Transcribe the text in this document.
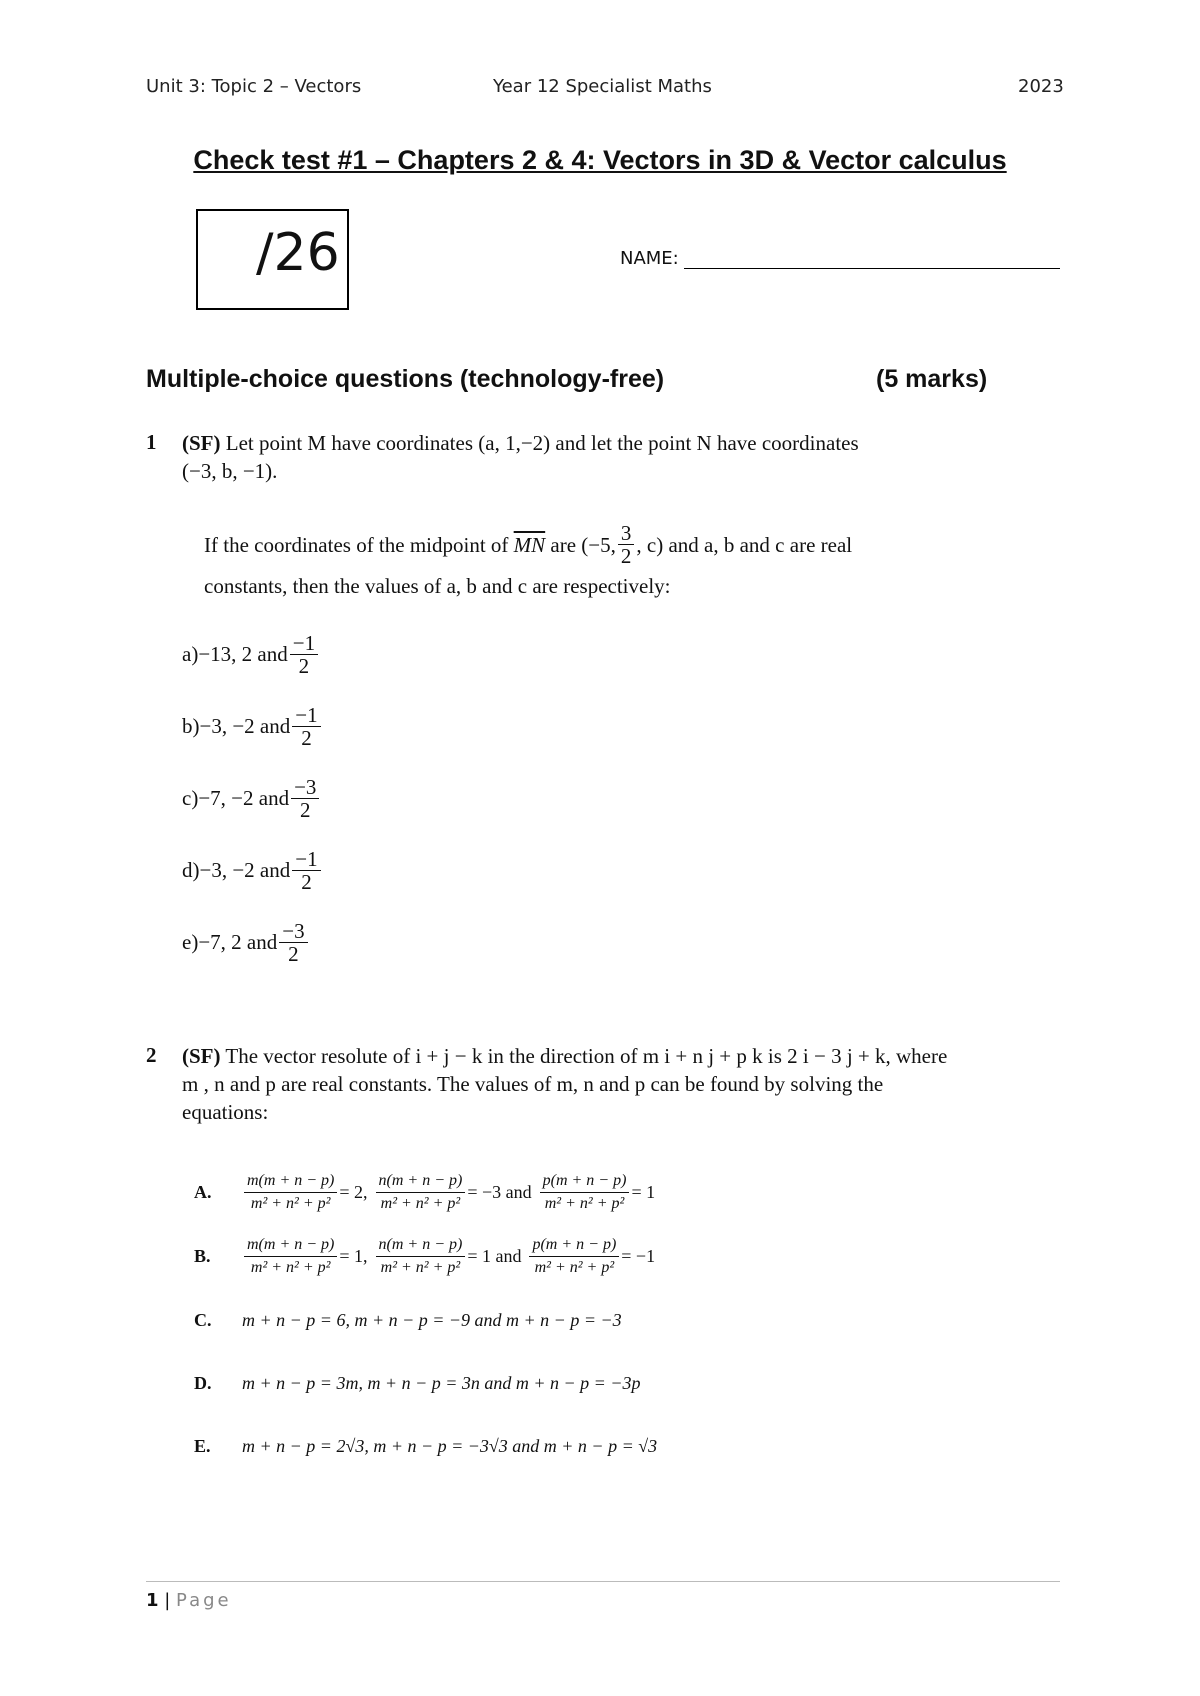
Unit 3: Topic 2 – Vectors	Year 12 Specialist Maths	2023
Check test #1 – Chapters 2 & 4: Vectors in 3D & Vector calculus
/26	NAME:
Multiple-choice questions (technology-free)	(5 marks)
1 (SF) Let point M have coordinates (a, 1,−2) and let the point N have coordinates
(−3, b, −1).
If the coordinates of the midpoint of
$\overline{MN}$
are (−5, $\frac{3}{2}$ , c) and a, b and c are real
constants, then the values of a, b and c are respectively:
a)−13, 2 and $\frac{-1}{2}$
b)−3, −2 and $\frac{-1}{2}$
c)−7, −2 and $\frac{-3}{2}$
d)−3, −2 and $\frac{-1}{2}$
e)−7, 2 and $\frac{-3}{2}$
2 (SF) The vector resolute of i + j − k in the direction of m i + n j + p k is 2 i − 3 j + k, where
m , n and p are real constants. The values of m, n and p can be found by solving the
equations:
A.	$\frac{m(m + n - p)}{\text{m² + n² + p²}} = 2$, $\frac{n(m + n - p)}{\text{m² + n² + p²}} = -3$ and $\frac{p(m + n - p)}{\text{m² + n² + p²}} = 1$
B.	$\frac{m(m + n - p)}{\text{m² + n² + p²}} = 1$, $\frac{n(m + n - p)}{\text{m² + n² + p²}} = 1$ and $\frac{p(m + n - p)}{\text{m² + n² + p²}} = -1$
C.	m + n − p = 6, m + n − p = −9 and m + n − p = −3
D.	m + n − p = 3m, m + n − p = 3n and m + n − p = −3p
E.	m + n − p = 2√3, m + n − p = −3√3 and m + n − p = √3
1 | Page
